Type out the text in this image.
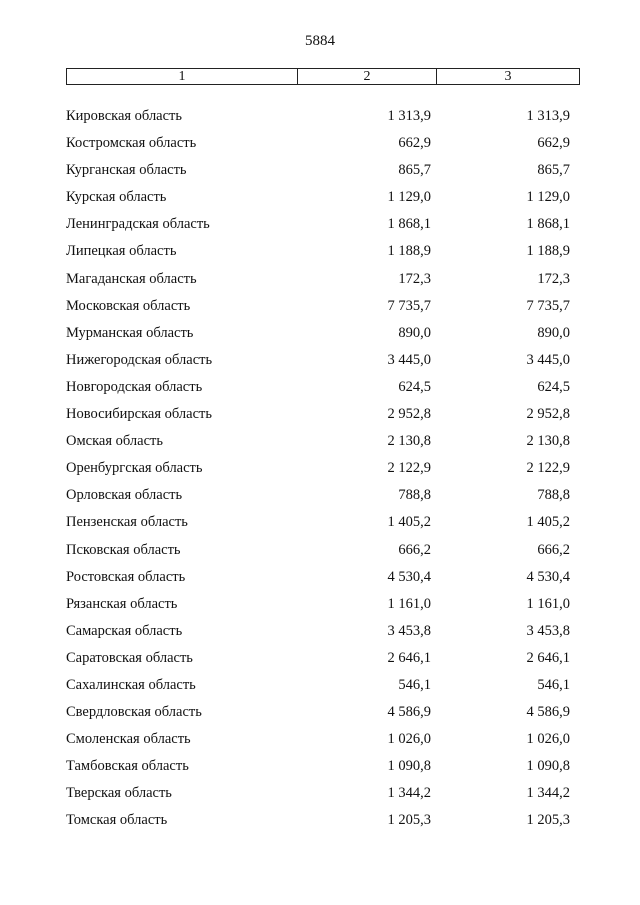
5884
1	2	3
Кировская область	1 313,9	1 313,9
Костромская область	662,9	662,9
Курганская область	865,7	865,7
Курская область	1 129,0	1 129,0
Ленинградская область	1 868,1	1 868,1
Липецкая область	1 188,9	1 188,9
Магаданская область	172,3	172,3
Московская область	7 735,7	7 735,7
Мурманская область	890,0	890,0
Нижегородская область	3 445,0	3 445,0
Новгородская область	624,5	624,5
Новосибирская область	2 952,8	2 952,8
Омская область	2 130,8	2 130,8
Оренбургская область	2 122,9	2 122,9
Орловская область	788,8	788,8
Пензенская область	1 405,2	1 405,2
Псковская область	666,2	666,2
Ростовская область	4 530,4	4 530,4
Рязанская область	1 161,0	1 161,0
Самарская область	3 453,8	3 453,8
Саратовская область	2 646,1	2 646,1
Сахалинская область	546,1	546,1
Свердловская область	4 586,9	4 586,9
Смоленская область	1 026,0	1 026,0
Тамбовская область	1 090,8	1 090,8
Тверская область	1 344,2	1 344,2
Томская область	1 205,3	1 205,3
